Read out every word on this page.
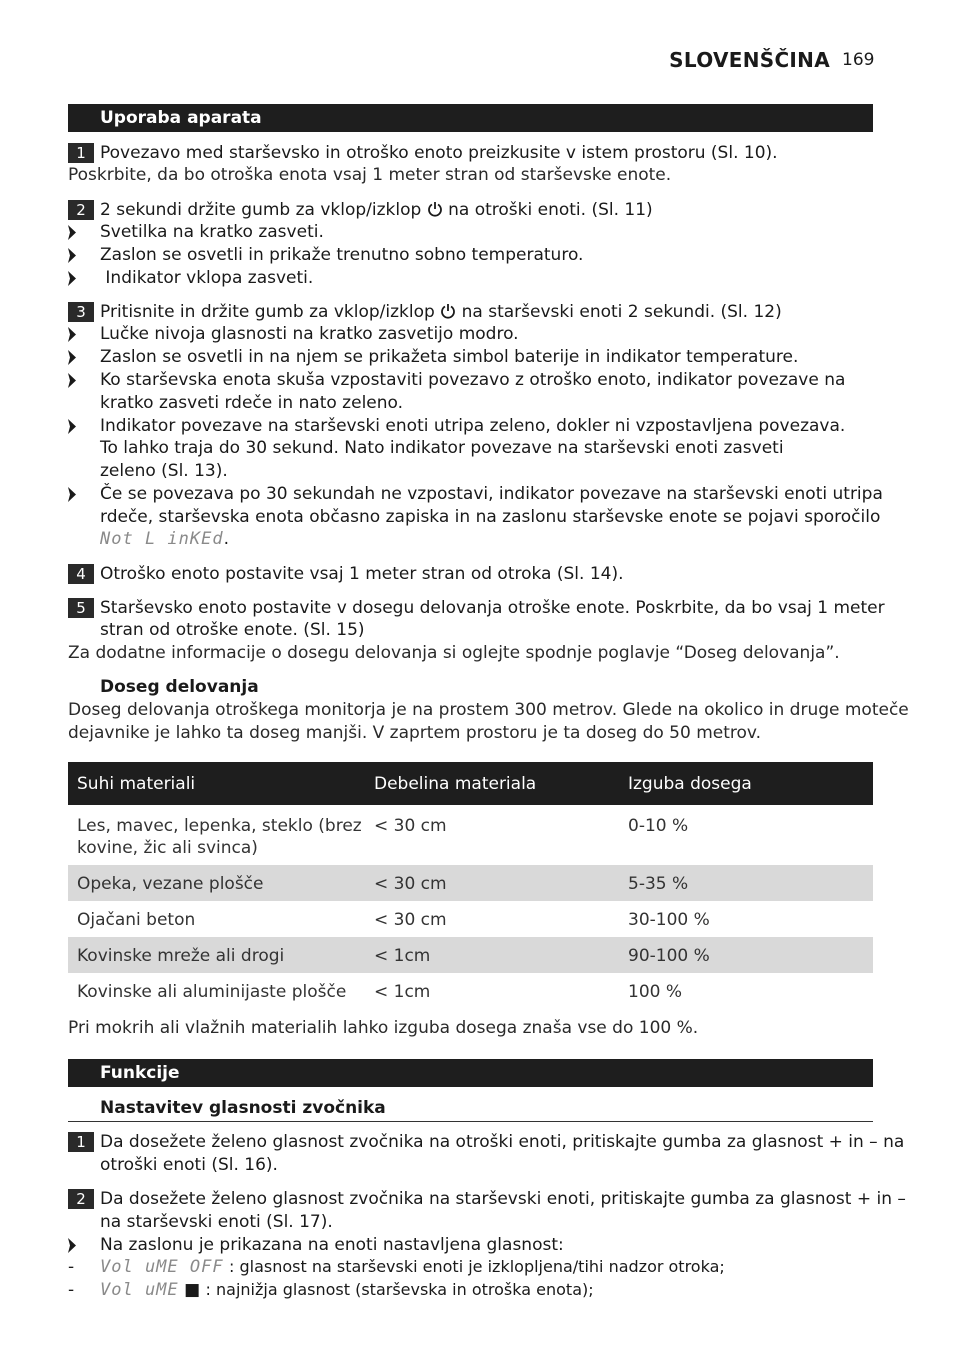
SLOVENŠČINA 169
Uporaba aparata
1 Povezavo med starševsko in otroško enoto preizkusite v istem prostoru (Sl. 10).
Poskrbite, da bo otroška enota vsaj 1 meter stran od starševske enote.
2 2 sekundi držite gumb za vklop/izklop na otroški enoti. (Sl. 11)
Svetilka na kratko zasveti.
Zaslon se osvetli in prikaže trenutno sobno temperaturo.
Indikator vklopa zasveti.
3 Pritisnite in držite gumb za vklop/izklop na starševski enoti 2 sekundi. (Sl. 12)
Lučke nivoja glasnosti na kratko zasvetijo modro.
Zaslon se osvetli in na njem se prikažeta simbol baterije in indikator temperature.
Ko starševska enota skuša vzpostaviti povezavo z otroško enoto, indikator povezave na
kratko zasveti rdeče in nato zeleno.
Indikator povezave na starševski enoti utripa zeleno, dokler ni vzpostavljena povezava.
To lahko traja do 30 sekund. Nato indikator povezave na starševski enoti zasveti
zeleno (Sl. 13).
Če se povezava po 30 sekundah ne vzpostavi, indikator povezave na starševski enoti utripa
rdeče, starševska enota občasno zapiska in na zaslonu starševske enote se pojavi sporočilo
Not L inKEd.
4 Otroško enoto postavite vsaj 1 meter stran od otroka (Sl. 14).
5 Starševsko enoto postavite v dosegu delovanja otroške enote. Poskrbite, da bo vsaj 1 meter
stran od otroške enote. (Sl. 15)
Za dodatne informacije o dosegu delovanja si oglejte spodnje poglavje “Doseg delovanja”.
Doseg delovanja
Doseg delovanja otroškega monitorja je na prostem 300 metrov. Glede na okolico in druge moteče
dejavnike je lahko ta doseg manjši. V zaprtem prostoru je ta doseg do 50 metrov.
Suhi materiali	Debelina materiala	Izguba dosega
Les, mavec, lepenka, steklo (brez
kovine, žic ali svinca)	< 30 cm	0-10 %
Opeka, vezane plošče	< 30 cm	5-35 %
Ojačani beton	< 30 cm	30-100 %
Kovinske mreže ali drogi	< 1cm	90-100 %
Kovinske ali aluminijaste plošče	< 1cm	100 %
Pri mokrih ali vlažnih materialih lahko izguba dosega znaša vse do 100 %.
Funkcije
Nastavitev glasnosti zvočnika
1 Da dosežete želeno glasnost zvočnika na otroški enoti, pritiskajte gumba za glasnost + in – na
otroški enoti (Sl. 16).
2 Da dosežete želeno glasnost zvočnika na starševski enoti, pritiskajte gumba za glasnost + in –
na starševski enoti (Sl. 17).
Na zaslonu je prikazana na enoti nastavljena glasnost:
- Vol uME OFF : glasnost na starševski enoti je izklopljena/tihi nadzor otroka;
- Vol uME ■ : najnižja glasnost (starševska in otroška enota);
